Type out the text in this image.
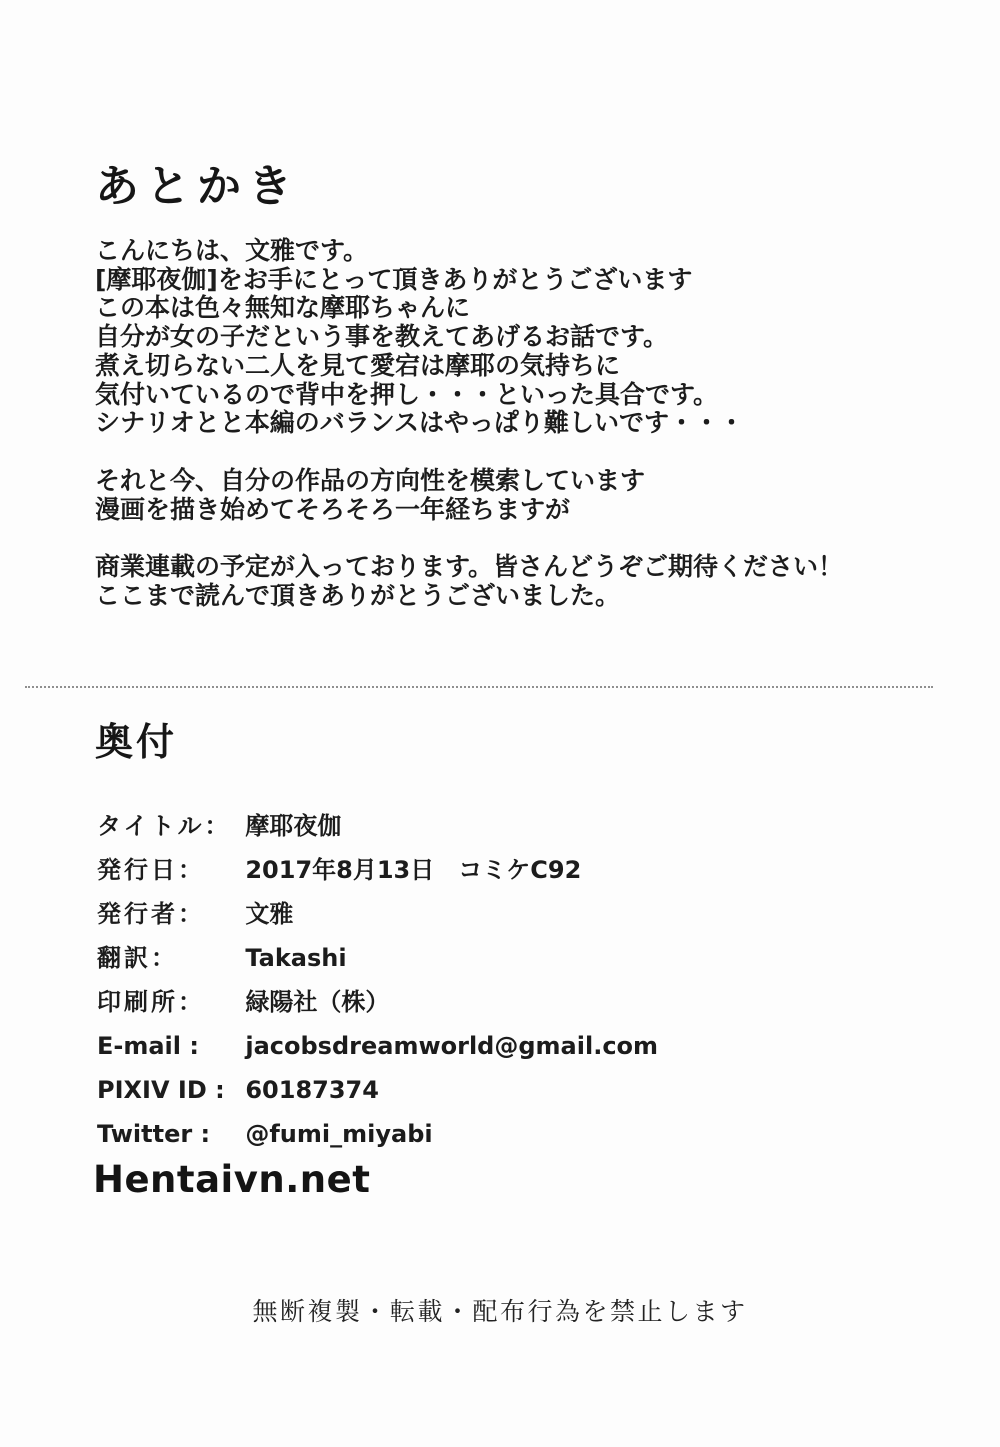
あとかき

こんにちは、文雅です。
[摩耶夜伽]をお手にとって頂きありがとうございます
この本は色々無知な摩耶ちゃんに
自分が女の子だという事を教えてあげるお話です。
煮え切らない二人を見て愛宕は摩耶の気持ちに
気付いているので背中を押し・・・といった具合です。
シナリオとと本編のバランスはやっぱり難しいです・・・

それと今、自分の作品の方向性を模索しています
漫画を描き始めてそろそろ一年経ちますが

商業連載の予定が入っております。皆さんどうぞご期待ください！
ここまで読んで頂きありがとうございました。

奥付
タイトル： 摩耶夜伽
発行日： 2017年8月13日　コミケC92
発行者： 文雅
翻訳：	Takashi
印刷所： 緑陽社（株）
E-mail : jacobsdreamworld@gmail.com
PIXIV ID : 60187374
Twitter : @fumi_miyabi
Hentaivn.net
無断複製・転載・配布行為を禁止します
